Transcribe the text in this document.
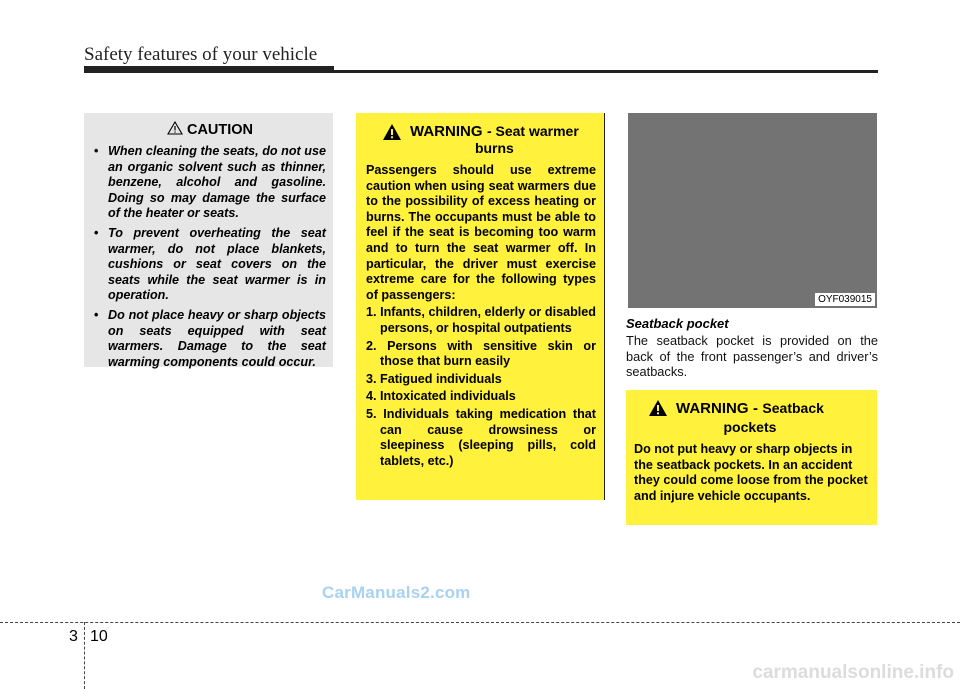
Safety features of your vehicle
CAUTION
• When cleaning the seats, do not use an organic solvent such as thinner, benzene, alcohol and gasoline. Doing so may damage the surface of the heater or seats.
• To prevent overheating the seat warmer, do not place blankets, cushions or seat covers on the seats while the seat warmer is in operation.
• Do not place heavy or sharp objects on seats equipped with seat warmers. Damage to the seat warming components could occur.
WARNING - Seat warmer
burns

Passengers should use extreme caution when using seat warmers due to the possibility of excess heating or burns. The occupants must be able to feel if the seat is becoming too warm and to turn the seat warmer off. In particular, the driver must exercise extreme care for the following types of passengers:

1. Infants, children, elderly or disabled persons, or hospital outpatients
2. Persons with sensitive skin or those that burn easily
3. Fatigued individuals
4. Intoxicated individuals
5. Individuals taking medication that can cause drowsiness or sleepiness (sleeping pills, cold tablets, etc.)
OYF039015
Seatback pocket
The seatback pocket is provided on the back of the front passenger’s and driver’s seatbacks.
WARNING - Seatback
pockets
Do not put heavy or sharp objects in the seatback pockets. In an accident they could come loose from the pocket and injure vehicle occupants.
CarManuals2.com
3 10
carmanualsonline.info
